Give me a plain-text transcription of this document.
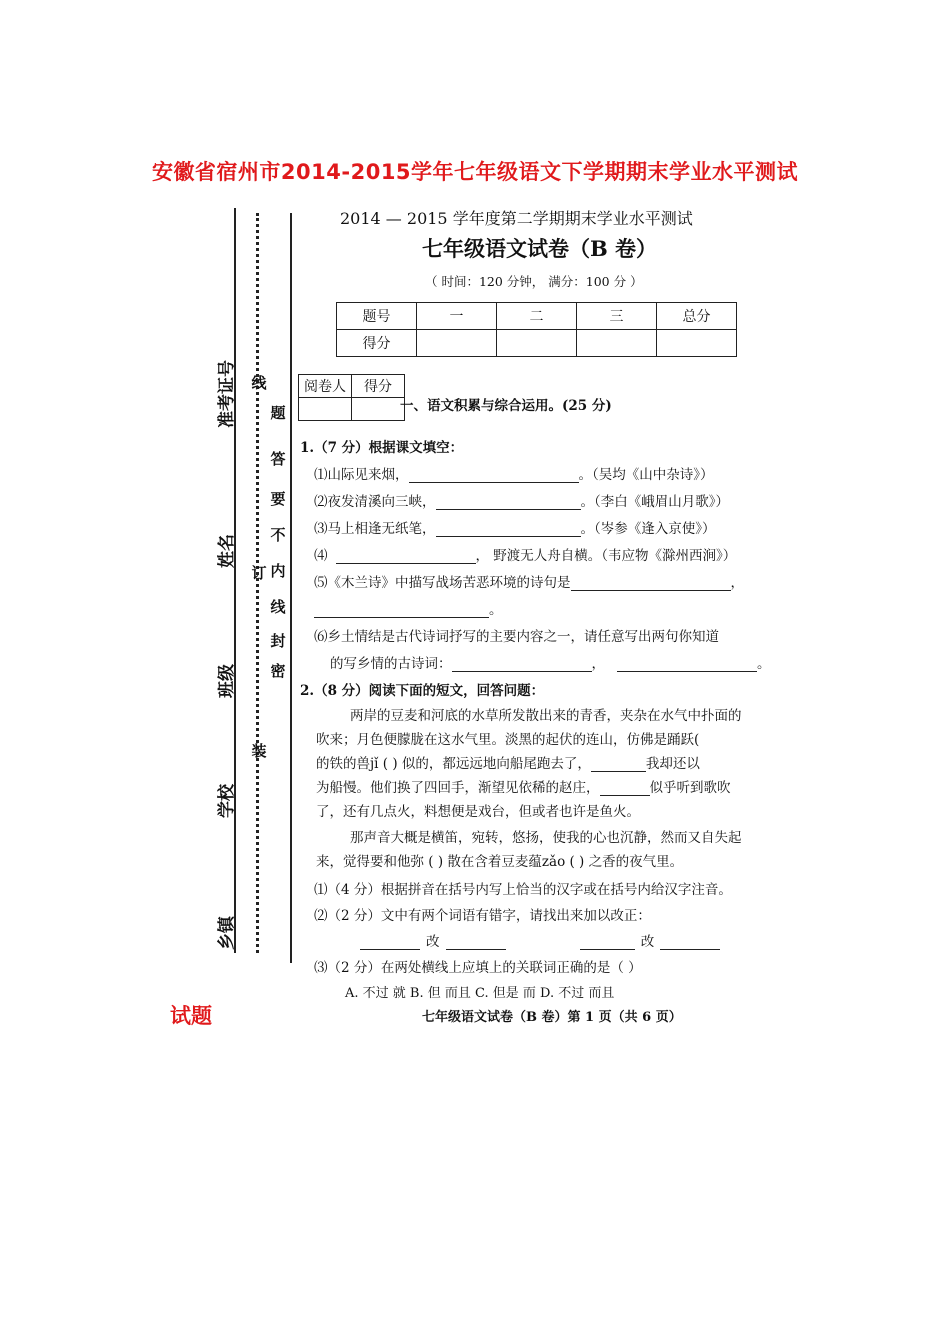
安徽省宿州市2014-2015学年七年级语文下学期期末学业水平测试
准考证号
姓名
班级
学校
乡镇
线
订
装
题
答
要
不
内
线
封
密
2014 — 2015 学年度第二学期期末学业水平测试
七年级语文试卷（B 卷）
（ 时间：120 分钟， 满分：100 分 ）
题号	一	二	三	总分
得分				
阅卷人	得分

一、语文积累与综合运用。(25 分)
1.（7 分）根据课文填空：
⑴山际见来烟，	。（吴均《山中杂诗》）
⑵夜发清溪向三峡，	。（李白《峨眉山月歌》）
⑶马上相逢无纸笔，	。（岑参《逢入京使》）
⑷	， 野渡无人舟自横。（韦应物《滁州西涧》）
⑸《木兰诗》中描写战场苦恶环境的诗句是	，
。
⑹乡土情结是古代诗词抒写的主要内容之一，请任意写出两句你知道
的写乡情的古诗词：	，	。
2.（8 分）阅读下面的短文，回答问题：
两岸的豆麦和河底的水草所发散出来的青香，夹杂在水气中扑面的
吹来；月色便朦胧在这水气里。淡黑的起伏的连山，仿佛是踊跃(
的铁的兽jǐ ( ) 似的，都远远地向船尾跑去了，	我却还以
为船慢。他们换了四回手，渐望见依稀的赵庄，	似乎听到歌吹
了，还有几点火，料想便是戏台，但或者也许是鱼火。
那声音大概是横笛，宛转，悠扬，使我的心也沉静，然而又自失起
来，觉得要和他弥 ( ) 散在含着豆麦蕴zǎo ( ) 之香的夜气里。
⑴（4 分）根据拼音在括号内写上恰当的汉字或在括号内给汉字注音。
⑵（2 分）文中有两个词语有错字，请找出来加以改正：
改	改
⑶（2 分）在两处横线上应填上的关联词正确的是（ ）
A. 不过 就 B. 但 而且 C. 但是 而 D. 不过 而且
七年级语文试卷（B 卷）第 1 页（共 6 页）
试题
